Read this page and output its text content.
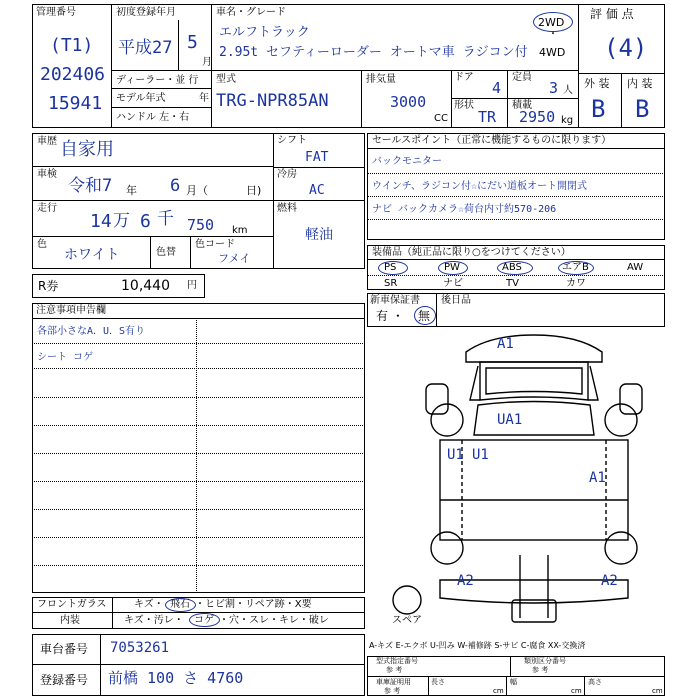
管理番号
(T1)
202406
15941
初度登録年月
平成27 5
月
車名・グレード
エルフトラック
2.95t セフティーローダー オートマ車 ラジコン付
2WD
・
4WD
評 価 点
(4)
ディーラー・並 行
モデル年式	年
ハンドル 左・右
型式
TRG-NPR85AN
排気量
3000
CC
ドア
4
定員
3 人
形状
TR
積載
2950 kg
外 装 内 装
B B
車歴 自家用	シフト
FAT
車検
令和7 年 6 月（	日)
冷房
AC
走行
14 万 6 千 750 km
燃料
軽油
色
ホワイト	色替
色コード
フメイ
R券	10,440 円
セールスポイント（正常に機能するものに限ります）
バックモニター
ウインチ、ラジコン付☆にだい道板オート開閉式
ナビ バックカメラ☆荷台内寸約570-206
装備品（純正品に限り○をつけてください）
PS	PW	ABS	エアB	AW
SR	ナビ	TV	カワ
新車保証書
有 ・ 無
後日品
注意事項申告欄
各部小さなA．U．S有り
シート コゲ
A1
UA1
U1 U1
A1
A2	A2
スペア
フロントガラス	キズ・ 飛石 ・ヒビ割・リペア跡・X要
内装	キズ・汚レ・ コゲ ・穴・スレ・キレ・破レ
車台番号 7053261
登録番号 前橋 100 さ 4760
A-キズ E-エクボ U-凹み W-補修跡 S-サビ C-腐食 XX-交換済
型式指定番号
参 考
類別区分番号
参 考
車庫証明用
参 考
長さ
cm
幅
cm
高さ
cm
